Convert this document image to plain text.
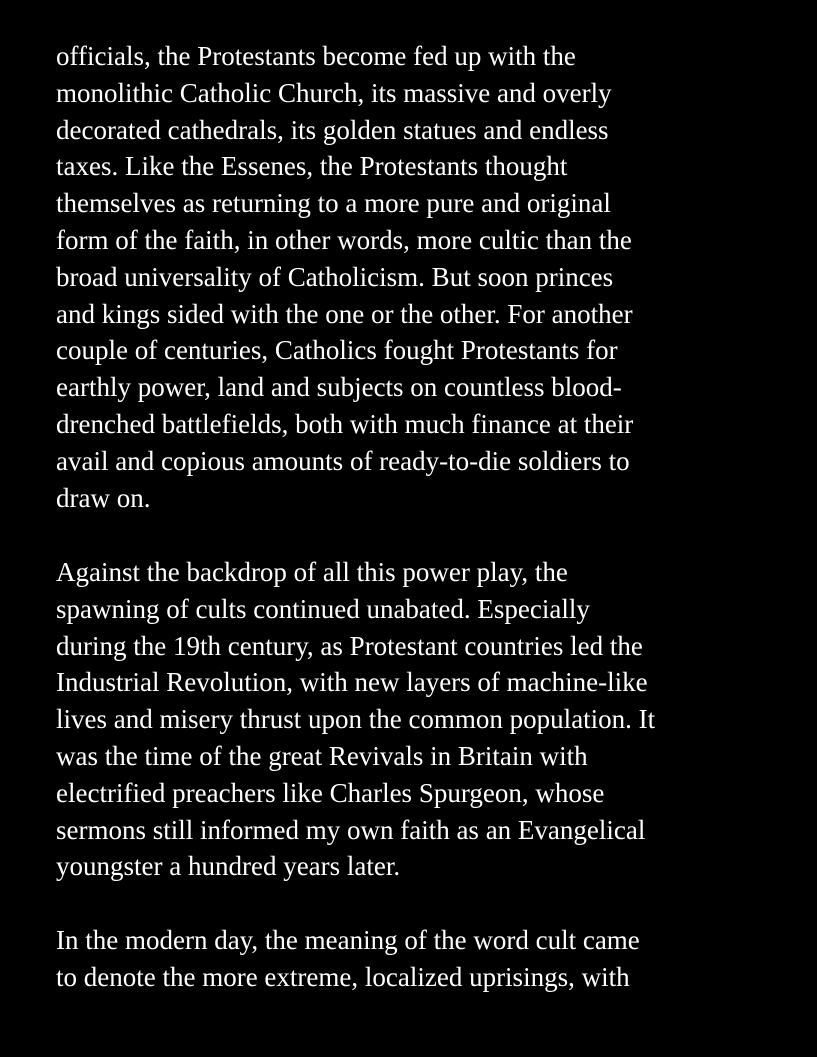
officials, the Protestants become fed up with the
monolithic Catholic Church, its massive and overly
decorated cathedrals, its golden statues and endless
taxes. Like the Essenes, the Protestants thought
themselves as returning to a more pure and original
form of the faith, in other words, more cultic than the
broad universality of Catholicism. But soon princes
and kings sided with the one or the other. For another
couple of centuries, Catholics fought Protestants for
earthly power, land and subjects on countless blood-
drenched battlefields, both with much finance at their
avail and copious amounts of ready-to-die soldiers to
draw on.

Against the backdrop of all this power play, the
spawning of cults continued unabated. Especially
during the 19th century, as Protestant countries led the
Industrial Revolution, with new layers of machine-like
lives and misery thrust upon the common population. It
was the time of the great Revivals in Britain with
electrified preachers like Charles Spurgeon, whose
sermons still informed my own faith as an Evangelical
youngster a hundred years later.

In the modern day, the meaning of the word cult came
to denote the more extreme, localized uprisings, with
